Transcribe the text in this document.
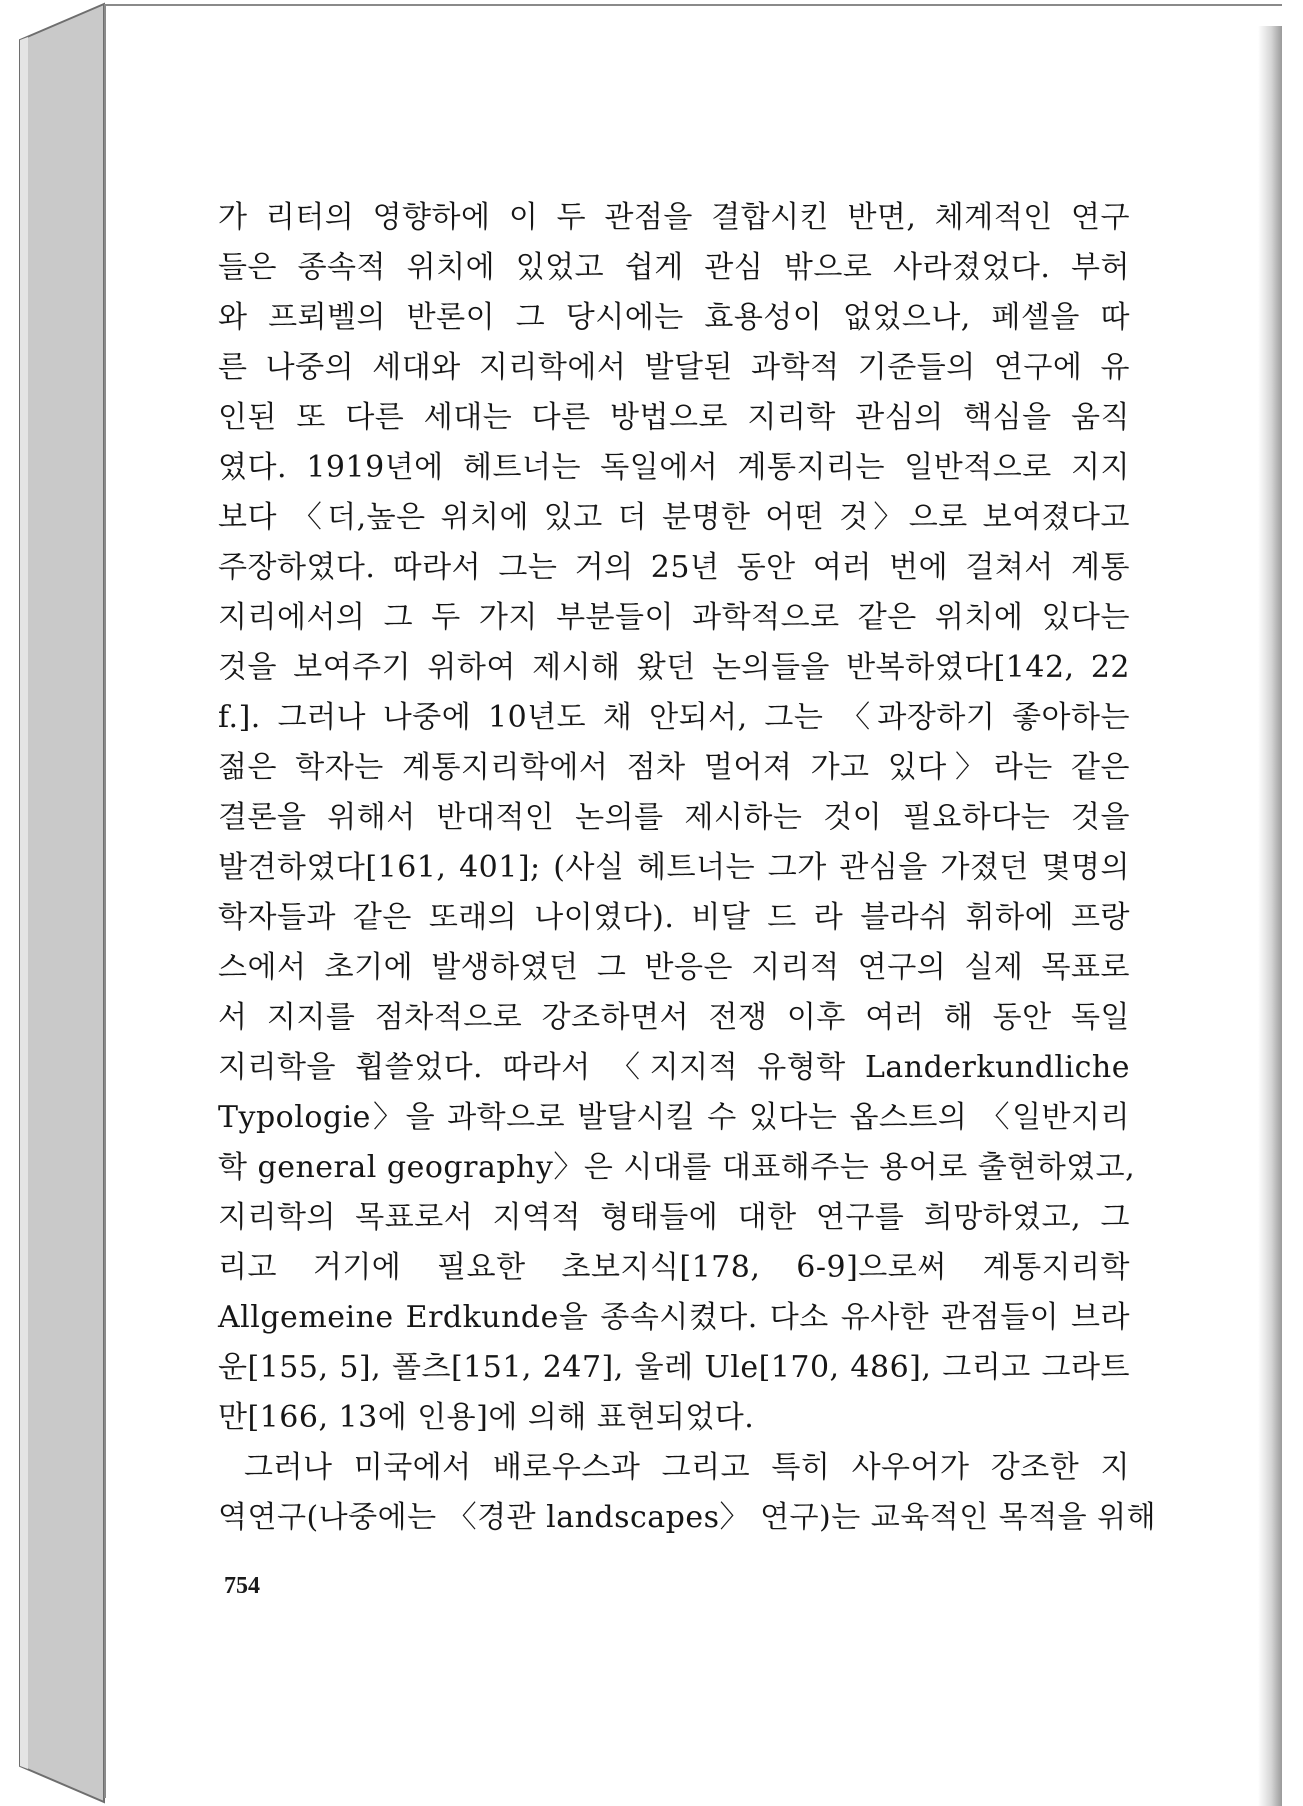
가 리터의 영향하에 이 두 관점을 결합시킨 반면, 체계적인 연구
들은 종속적 위치에 있었고 쉽게 관심 밖으로 사라졌었다. 부허
와 프뢰벨의 반론이 그 당시에는 효용성이 없었으나, 페셀을 따
른 나중의 세대와 지리학에서 발달된 과학적 기준들의 연구에 유
인된 또 다른 세대는 다른 방법으로 지리학 관심의 핵심을 움직
였다. 1919년에 헤트너는 독일에서 계통지리는 일반적으로 지지
보다 〈더,높은 위치에 있고 더 분명한 어떤 것〉으로 보여졌다고
주장하였다. 따라서 그는 거의 25년 동안 여러 번에 걸쳐서 계통
지리에서의 그 두 가지 부분들이 과학적으로 같은 위치에 있다는
것을 보여주기 위하여 제시해 왔던 논의들을 반복하였다[142, 22
f.]. 그러나 나중에 10년도 채 안되서, 그는 〈과장하기 좋아하는
젊은 학자는 계통지리학에서 점차 멀어져 가고 있다〉라는 같은
결론을 위해서 반대적인 논의를 제시하는 것이 필요하다는 것을
발견하였다[161, 401]; (사실 헤트너는 그가 관심을 가졌던 몇명의
학자들과 같은 또래의 나이였다). 비달 드 라 블라쉬 휘하에 프랑
스에서 초기에 발생하였던 그 반응은 지리적 연구의 실제 목표로
서 지지를 점차적으로 강조하면서 전쟁 이후 여러 해 동안 독일
지리학을 휩쓸었다. 따라서 〈지지적 유형학 Landerkundliche
Typologie〉을 과학으로 발달시킬 수 있다는 옵스트의 〈일반지리
학 general geography〉은 시대를 대표해주는 용어로 출현하였고,
지리학의 목표로서 지역적 형태들에 대한 연구를 희망하였고, 그
리고 거기에 필요한 초보지식[178, 6-9]으로써 계통지리학
Allgemeine Erdkunde을 종속시켰다. 다소 유사한 관점들이 브라
운[155, 5], 폴츠[151, 247], 울레 Ule[170, 486], 그리고 그라트
만[166, 13에 인용]에 의해 표현되었다.
그러나 미국에서 배로우스과 그리고 특히 사우어가 강조한 지
역연구(나중에는 〈경관 landscapes〉 연구)는 교육적인 목적을 위해

754
